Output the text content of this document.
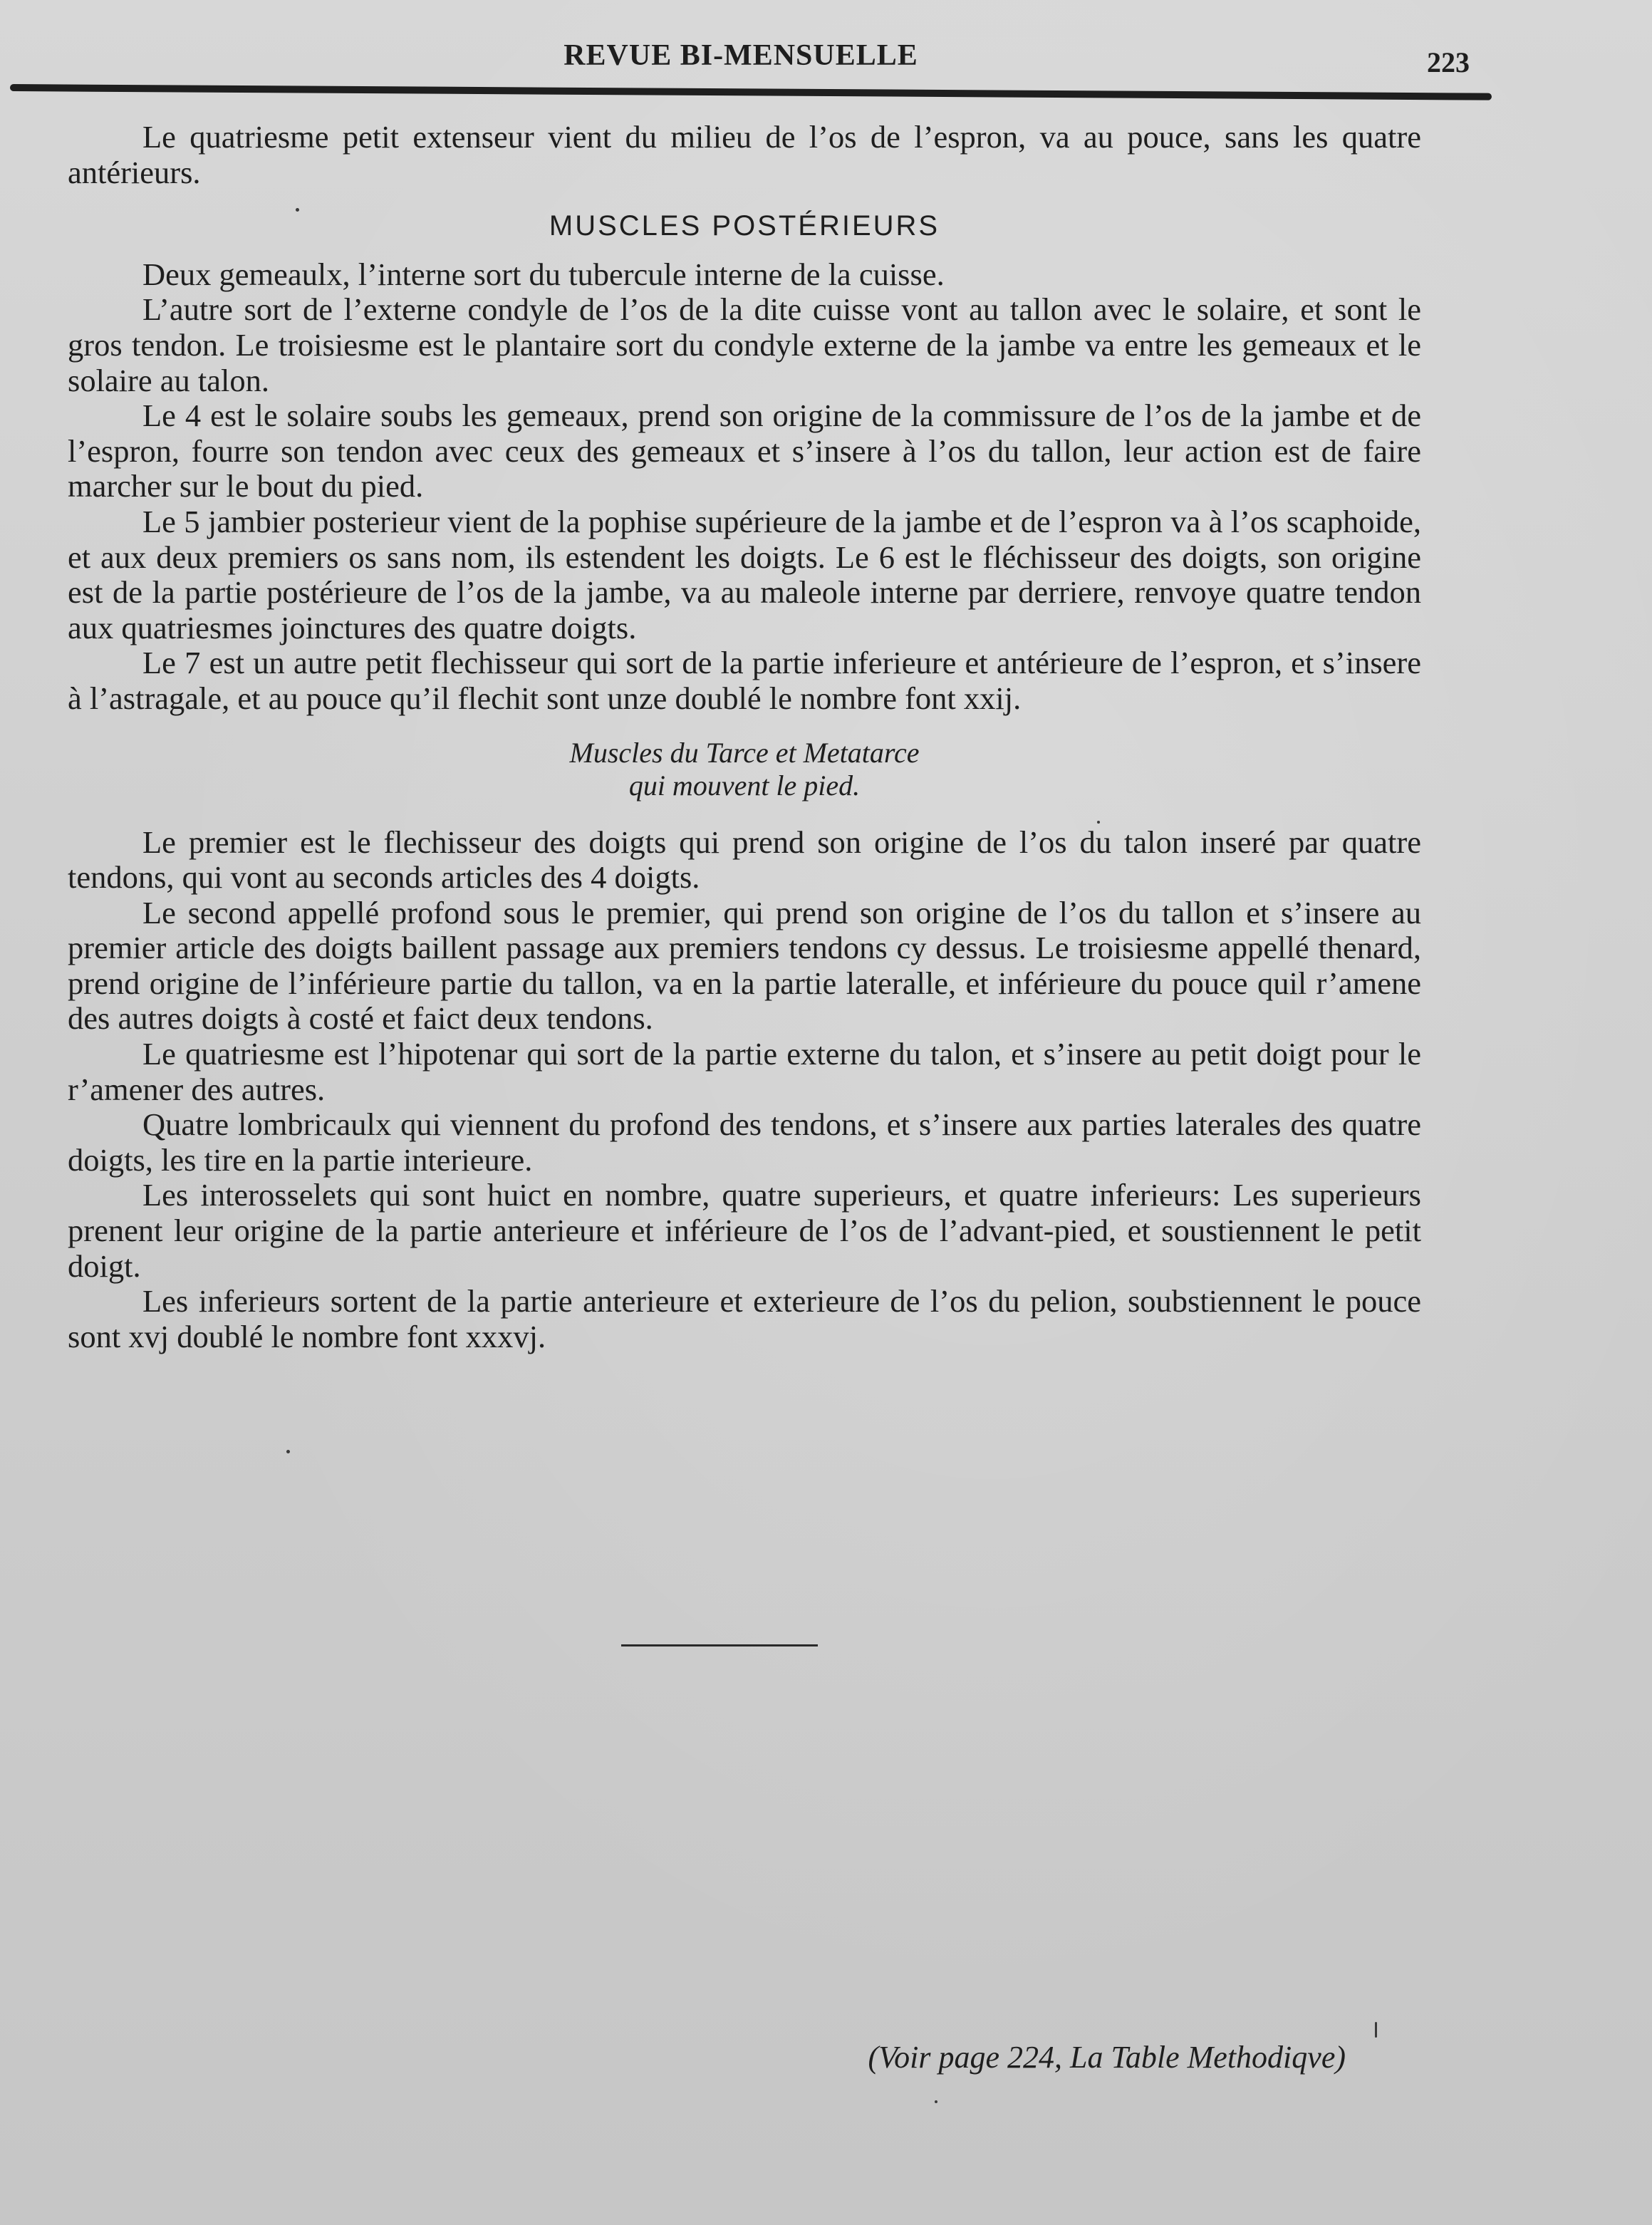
REVUE BI-MENSUELLE	223

Le quatriesme petit extenseur vient du milieu de l’os de l’espron, va au pouce, sans les quatre antérieurs.

MUSCLES POSTÉRIEURS

Deux gemeaulx, l’interne sort du tubercule interne de la cuisse.

L’autre sort de l’externe condyle de l’os de la dite cuisse vont au tallon avec le solaire, et sont le gros tendon. Le troisiesme est le plantaire sort du condyle externe de la jambe va entre les gemeaux et le solaire au talon.

Le 4 est le solaire soubs les gemeaux, prend son origine de la commissure de l’os de la jambe et de l’espron, fourre son tendon avec ceux des gemeaux et s’insere à l’os du tallon, leur action est de faire marcher sur le bout du pied.

Le 5 jambier posterieur vient de la pophise supérieure de la jambe et de l’espron va à l’os scaphoide, et aux deux premiers os sans nom, ils estendent les doigts. Le 6 est le fléchisseur des doigts, son origine est de la partie postérieure de l’os de la jambe, va au maleole interne par derriere, renvoye quatre tendon aux quatriesmes joinctures des quatre doigts.

Le 7 est un autre petit flechisseur qui sort de la partie inferieure et antérieure de l’espron, et s’insere à l’astragale, et au pouce qu’il flechit sont unze doublé le nombre font xxij.

Muscles du Tarce et Metatarce
qui mouvent le pied.

Le premier est le flechisseur des doigts qui prend son origine de l’os du talon inseré par quatre tendons, qui vont au seconds articles des 4 doigts.

Le second appellé profond sous le premier, qui prend son origine de l’os du tallon et s’insere au premier article des doigts baillent passage aux premiers tendons cy dessus. Le troisiesme appellé thenard, prend origine de l’inférieure partie du tallon, va en la partie lateralle, et inférieure du pouce quil r’amene des autres doigts à costé et faict deux tendons.

Le quatriesme est l’hipotenar qui sort de la partie externe du talon, et s’insere au petit doigt pour le r’amener des autres.

Quatre lombricaulx qui viennent du profond des tendons, et s’insere aux parties laterales des quatre doigts, les tire en la partie interieure.

Les interosselets qui sont huict en nombre, quatre superieurs, et quatre inferieurs: Les superieurs prenent leur origine de la partie anterieure et inférieure de l’os de l’advant-pied, et soustiennent le petit doigt.

Les inferieurs sortent de la partie anterieure et exterieure de l’os du pelion, soubstiennent le pouce sont xvj doublé le nombre font xxxvj.

(Voir page 224, La Table Methodiqve)
